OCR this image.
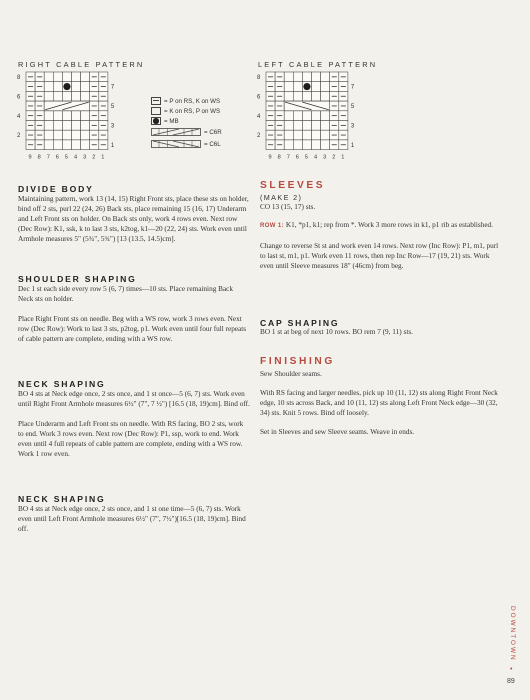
RIGHT CABLE PATTERN	LEFT CABLE PATTERN
8
6
4
2
7
5
3
1
9 8 7 6 5 4 3 2 1
8
6
4
2
7
5
3
1
9 8 7 6 5 4 3 2 1
= P on RS, K on WS
= K on RS, P on WS
= MB
= C6R
= C6L
DIVIDE BODY

Maintaining pattern, work 13 (14, 15) Right Front sts, place these sts on holder, bind off 2 sts, purl 22 (24, 26) Back sts, place remaining 15 (16, 17) Underarm and Left Front sts on holder. On Back sts only, work 4 rows even. Next row (Dec Row): K1, ssk, k to last 3 sts, k2tog, k1—20 (22, 24) sts. Work even until Armhole measures 5" (5¾", 5¾") [13 (13.5, 14.5)cm].

SHOULDER SHAPING

Dec 1 st each side every row 5 (6, 7) times—10 sts. Place remaining Back Neck sts on holder.

Place Right Front sts on needle. Beg with a WS row, work 3 rows even. Next row (Dec Row): Work to last 3 sts, p2tog, p1. Work even until four full repeats of cable pattern are complete, ending with a WS row.

NECK SHAPING

BO 4 sts at Neck edge once, 2 sts once, and 1 st once—5 (6, 7) sts. Work even until Right Front Armhole measures 6½" (7", 7 ½") [16.5 (18, 19)cm]. Bind off.

Place Underarm and Left Front sts on needle. With RS facing, BO 2 sts, work to end. Work 3 rows even. Next row (Dec Row): P1, ssp, work to end. Work even until 4 full repeats of cable pattern are complete, ending with a WS row. Work 1 row even.

NECK SHAPING

BO 4 sts at Neck edge once, 2 sts once, and 1 st one time—5 (6, 7) sts. Work even until Left Front Armhole measures 6½" (7", 7½")[16.5 (18, 19)cm]. Bind off.

SLEEVES
(MAKE 2)

CO 13 (15, 17) sts.

ROW 1: K1, *p1, k1; rep from *. Work 3 more rows in k1, p1 rib as established.

Change to reverse St st and work even 14 rows. Next row (Inc Row): P1, m1, purl to last st, m1, p1. Work even 11 rows, then rep Inc Row—17 (19, 21) sts. Work even until Sleeve measures 18" (46cm) from beg.

CAP SHAPING

BO 1 st at beg of next 10 rows. BO rem 7 (9, 11) sts.

FINISHING

Sew Shoulder seams.

With RS facing and larger needles, pick up 10 (11, 12) sts along Right Front Neck edge, 10 sts across Back, and 10 (11, 12) sts along Left Front Neck edge—30 (32, 34) sts. Knit 5 rows. Bind off loosely.

Set in Sleeves and sew Sleeve seams. Weave in ends.

DOWNTOWN
•
89
